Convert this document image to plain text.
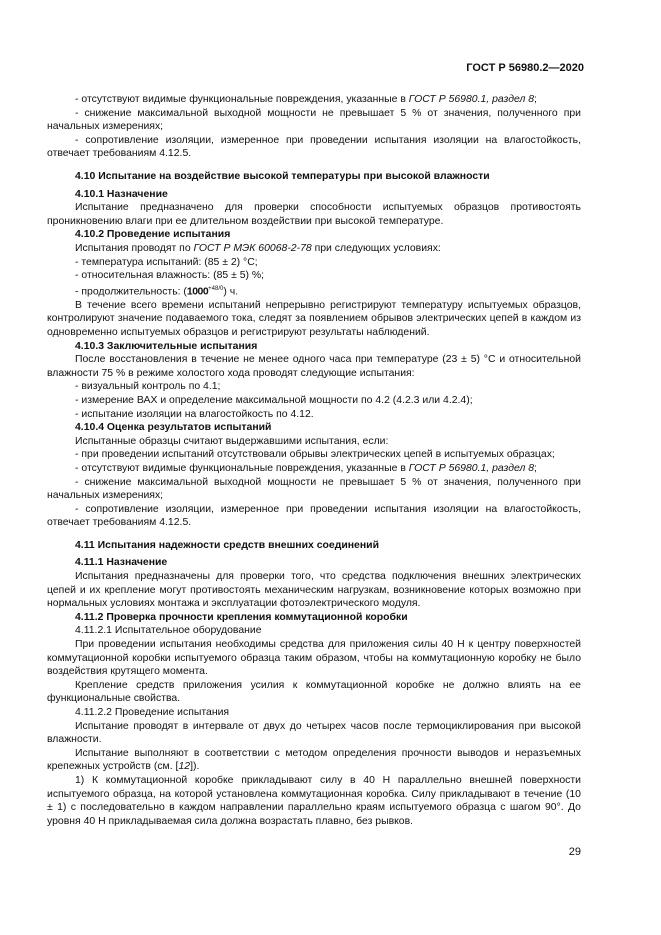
ГОСТ Р 56980.2—2020

- отсутствуют видимые функциональные повреждения, указанные в ГОСТ Р 56980.1, раздел 8;

- снижение максимальной выходной мощности не превышает 5 % от значения, полученного при начальных измерениях;

- сопротивление изоляции, измеренное при проведении испытания изоляции на влагостойкость, отвечает требованиям 4.12.5.

4.10 Испытание на воздействие высокой температуры при высокой влажности

4.10.1 Назначение

Испытание предназначено для проверки способности испытуемых образцов противостоять проникновению влаги при ее длительном воздействии при высокой температуре.

4.10.2 Проведение испытания

Испытания проводят по ГОСТ Р МЭК 60068-2-78 при следующих условиях:

- температура испытаний: (85 ± 2) °С;

- относительная влажность: (85 ± 5) %;

- продолжительность: $(1000^{+48/0})$ ч.

В течение всего времени испытаний непрерывно регистрируют температуру испытуемых образцов, контролируют значение подаваемого тока, следят за появлением обрывов электрических цепей в каждом из одновременно испытуемых образцов и регистрируют результаты наблюдений.

4.10.3 Заключительные испытания

После восстановления в течение не менее одного часа при температуре (23 ± 5) °С и относительной влажности 75 % в режиме холостого хода проводят следующие испытания:

- визуальный контроль по 4.1;

- измерение ВАХ и определение максимальной мощности по 4.2 (4.2.3 или 4.2.4);

- испытание изоляции на влагостойкость по 4.12.

4.10.4 Оценка результатов испытаний

Испытанные образцы считают выдержавшими испытания, если:

- при проведении испытаний отсутствовали обрывы электрических цепей в испытуемых образцах;

- отсутствуют видимые функциональные повреждения, указанные в ГОСТ Р 56980.1, раздел 8;

- снижение максимальной выходной мощности не превышает 5 % от значения, полученного при начальных измерениях;

- сопротивление изоляции, измеренное при проведении испытания изоляции на влагостойкость, отвечает требованиям 4.12.5.

4.11 Испытания надежности средств внешних соединений

4.11.1 Назначение

Испытания предназначены для проверки того, что средства подключения внешних электрических цепей и их крепление могут противостоять механическим нагрузкам, возникновение которых возможно при нормальных условиях монтажа и эксплуатации фотоэлектрического модуля.

4.11.2 Проверка прочности крепления коммутационной коробки

4.11.2.1 Испытательное оборудование

При проведении испытания необходимы средства для приложения силы 40 Н к центру поверхностей коммутационной коробки испытуемого образца таким образом, чтобы на коммутационную коробку не было воздействия крутящего момента.

Крепление средств приложения усилия к коммутационной коробке не должно влиять на ее функциональные свойства.

4.11.2.2 Проведение испытания

Испытание проводят в интервале от двух до четырех часов после термоциклирования при высокой влажности.

Испытание выполняют в соответствии с методом определения прочности выводов и неразъемных крепежных устройств (см. [12]).

1) К коммутационной коробке прикладывают силу в 40 Н параллельно внешней поверхности испытуемого образца, на которой установлена коммутационная коробка. Силу прикладывают в течение (10 ± 1) с последовательно в каждом направлении параллельно краям испытуемого образца с шагом 90°. До уровня 40 Н прикладываемая сила должна возрастать плавно, без рывков.

29
